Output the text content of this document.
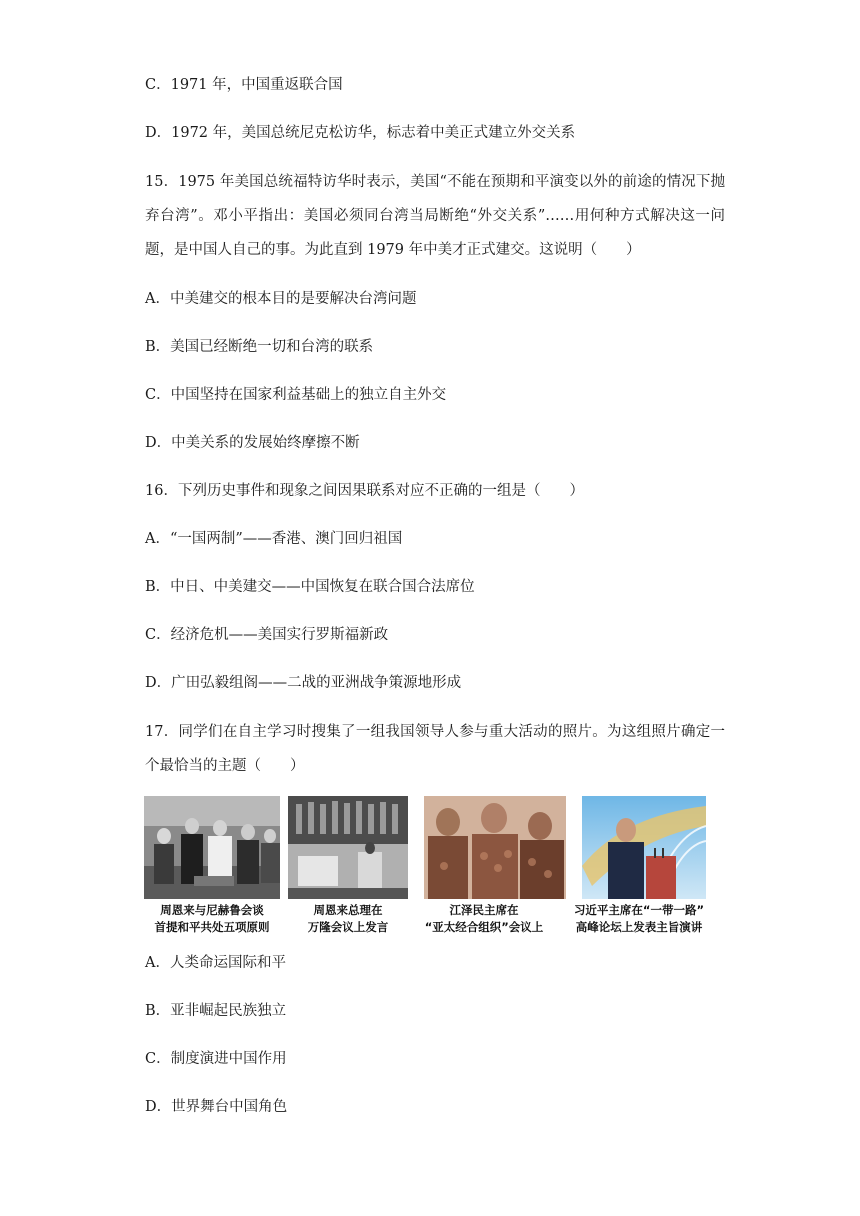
C．1971 年，中国重返联合国
D．1972 年，美国总统尼克松访华，标志着中美正式建立外交关系
15．1975 年美国总统福特访华时表示，美国“不能在预期和平演变以外的前途的情况下抛弃台湾”。邓小平指出：美国必须同台湾当局断绝“外交关系”……用何种方式解决这一问题，是中国人自己的事。为此直到 1979 年中美才正式建交。这说明（　　）
A．中美建交的根本目的是要解决台湾问题
B．美国已经断绝一切和台湾的联系
C．中国坚持在国家利益基础上的独立自主外交
D．中美关系的发展始终摩擦不断
16．下列历史事件和现象之间因果联系对应不正确的一组是（　　）
A．“一国两制”——香港、澳门回归祖国
B．中日、中美建交——中国恢复在联合国合法席位
C．经济危机——美国实行罗斯福新政
D．广田弘毅组阁——二战的亚洲战争策源地形成
17．同学们在自主学习时搜集了一组我国领导人参与重大活动的照片。为这组照片确定一个最恰当的主题（　　）
周恩来与尼赫鲁会谈
首提和平共处五项原则
周恩来总理在
万隆会议上发言
江泽民主席在
“亚太经合组织”会议上
习近平主席在“一带一路”
高峰论坛上发表主旨演讲
A．人类命运国际和平
B．亚非崛起民族独立
C．制度演进中国作用
D．世界舞台中国角色
